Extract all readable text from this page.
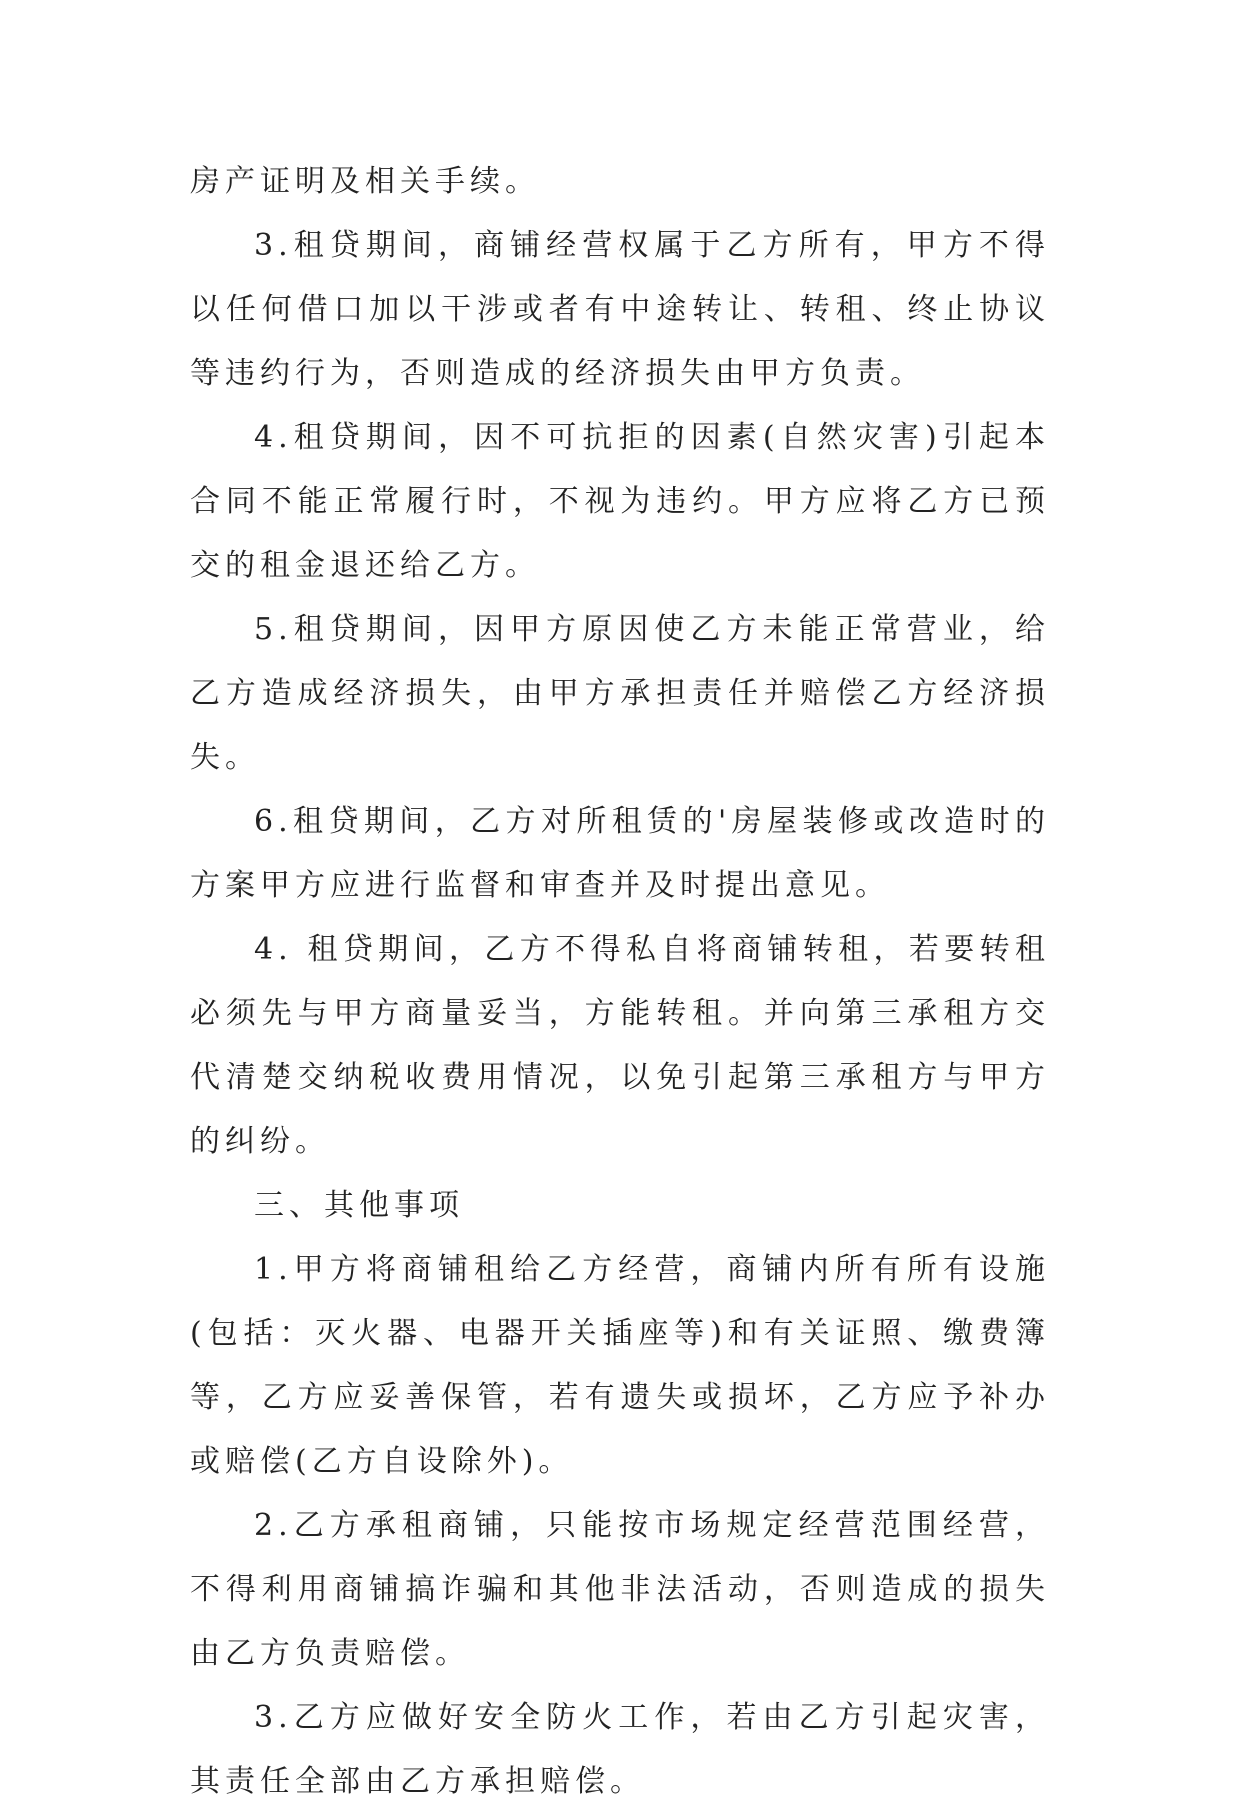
房产证明及相关手续。

3.租贷期间，商铺经营权属于乙方所有，甲方不得以任何借口加以干涉或者有中途转让、转租、终止协议等违约行为，否则造成的经济损失由甲方负责。

4.租贷期间，因不可抗拒的因素(自然灾害)引起本合同不能正常履行时，不视为违约。甲方应将乙方已预交的租金退还给乙方。

5.租贷期间，因甲方原因使乙方未能正常营业，给乙方造成经济损失，由甲方承担责任并赔偿乙方经济损失。

6.租贷期间，乙方对所租赁的'房屋装修或改造时的方案甲方应进行监督和审查并及时提出意见。

4. 租贷期间，乙方不得私自将商铺转租，若要转租必须先与甲方商量妥当，方能转租。并向第三承租方交代清楚交纳税收费用情况，以免引起第三承租方与甲方的纠纷。

三、其他事项

1.甲方将商铺租给乙方经营，商铺内所有所有设施(包括：灭火器、电器开关插座等)和有关证照、缴费簿等，乙方应妥善保管，若有遗失或损坏，乙方应予补办或赔偿(乙方自设除外)。

2.乙方承租商铺，只能按市场规定经营范围经营，不得利用商铺搞诈骗和其他非法活动，否则造成的损失由乙方负责赔偿。

3.乙方应做好安全防火工作，若由乙方引起灾害，其责任全部由乙方承担赔偿。
